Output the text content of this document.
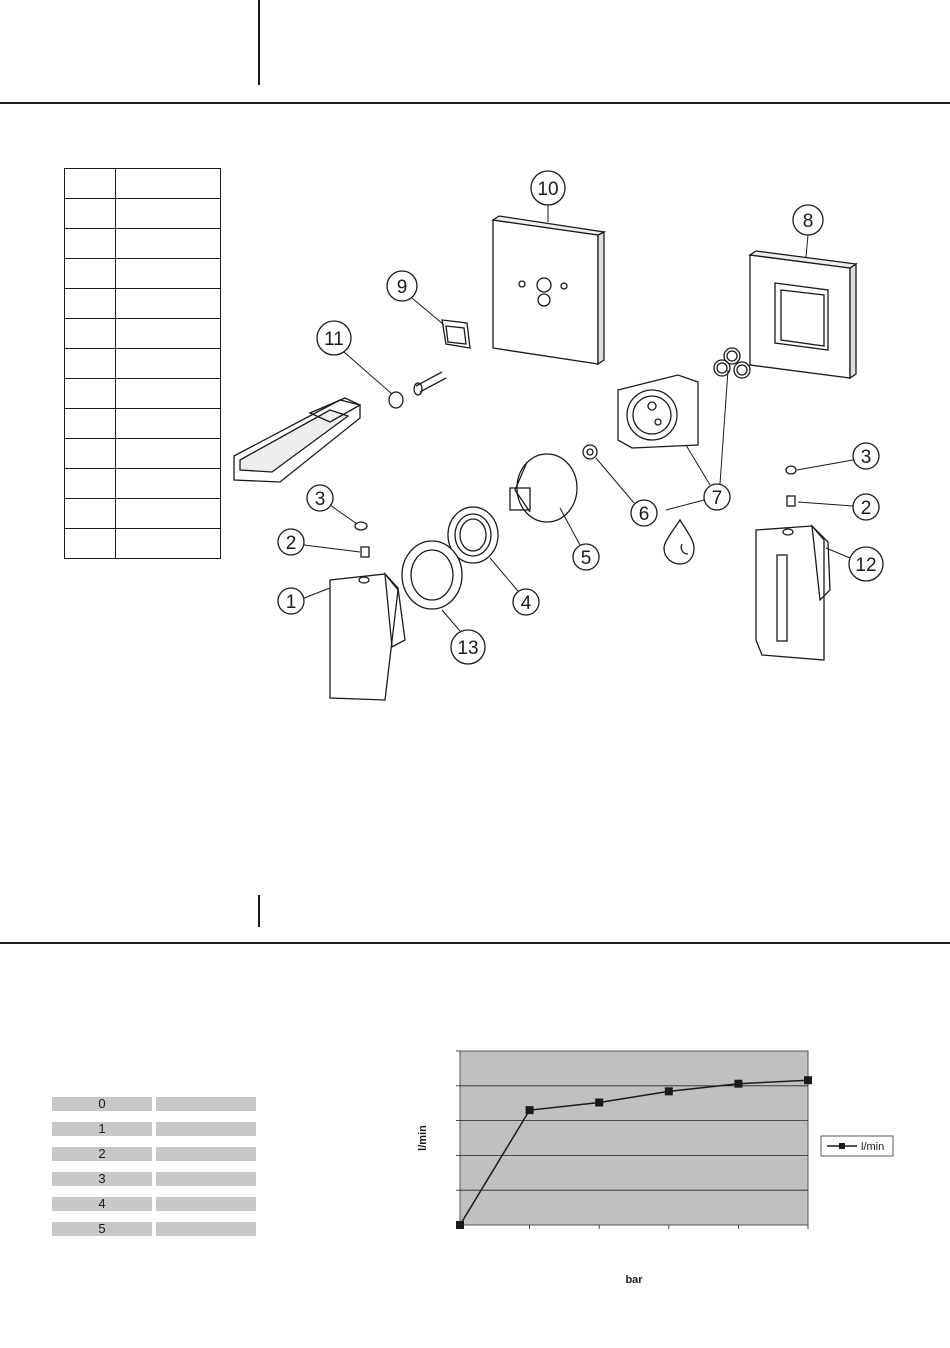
10
8
9
11
3
2
1
13
4
5
6
7
3
2
12
0
1
2
3
4
5
l/min
bar
l/min
